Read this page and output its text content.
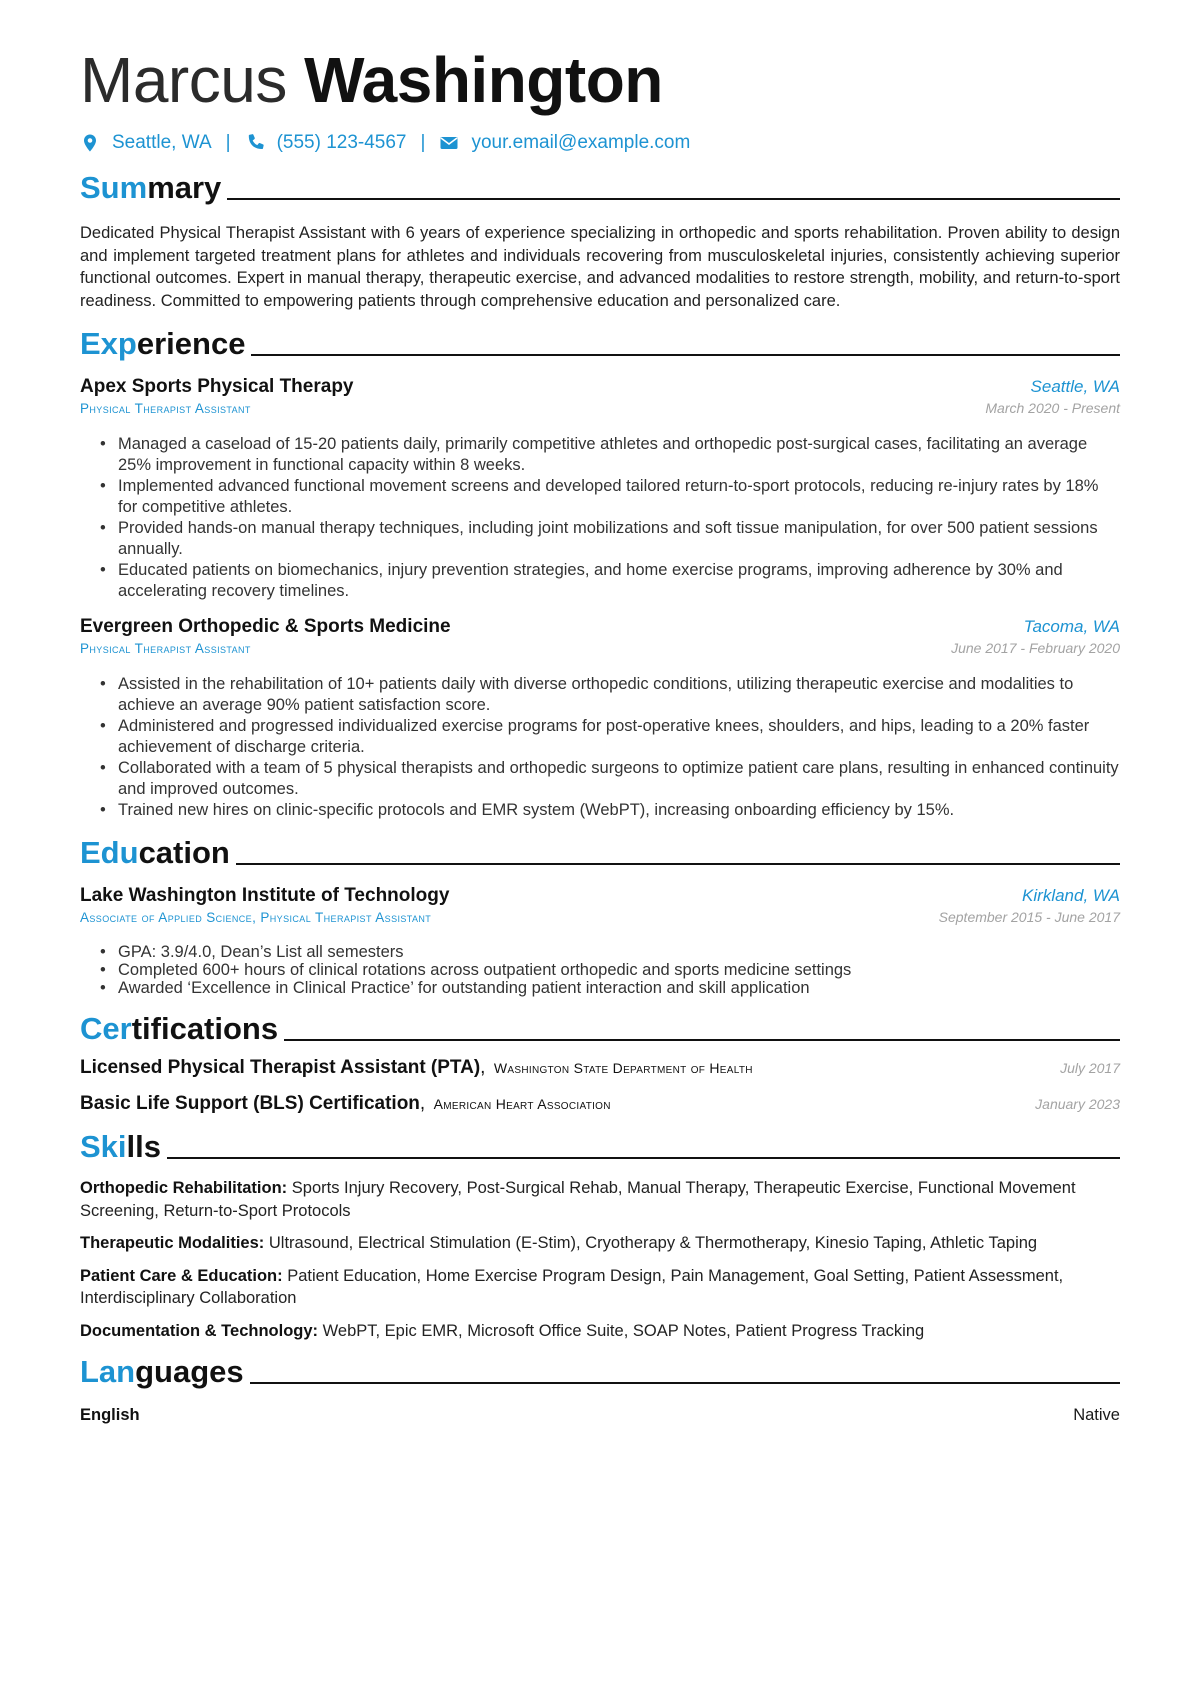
Marcus Washington
Seattle, WA | (555) 123-4567 | your.email@example.com
Summary
Dedicated Physical Therapist Assistant with 6 years of experience specializing in orthopedic and sports rehabilitation. Proven ability to design and implement targeted treatment plans for athletes and individuals recovering from musculoskeletal injuries, consistently achieving superior functional outcomes. Expert in manual therapy, therapeutic exercise, and advanced modalities to restore strength, mobility, and return-to-sport readiness. Committed to empowering patients through comprehensive education and personalized care.
Experience
Apex Sports Physical Therapy	Seattle, WA
Physical Therapist Assistant	March 2020 - Present
• Managed a caseload of 15-20 patients daily, primarily competitive athletes and orthopedic post-surgical cases, facilitating an average 25% improvement in functional capacity within 8 weeks.
• Implemented advanced functional movement screens and developed tailored return-to-sport protocols, reducing re-injury rates by 18% for competitive athletes.
• Provided hands-on manual therapy techniques, including joint mobilizations and soft tissue manipulation, for over 500 patient sessions annually.
• Educated patients on biomechanics, injury prevention strategies, and home exercise programs, improving adherence by 30% and accelerating recovery timelines.
Evergreen Orthopedic & Sports Medicine	Tacoma, WA
Physical Therapist Assistant	June 2017 - February 2020
• Assisted in the rehabilitation of 10+ patients daily with diverse orthopedic conditions, utilizing therapeutic exercise and modalities to achieve an average 90% patient satisfaction score.
• Administered and progressed individualized exercise programs for post-operative knees, shoulders, and hips, leading to a 20% faster achievement of discharge criteria.
• Collaborated with a team of 5 physical therapists and orthopedic surgeons to optimize patient care plans, resulting in enhanced continuity and improved outcomes.
• Trained new hires on clinic-specific protocols and EMR system (WebPT), increasing onboarding efficiency by 15%.
Education
Lake Washington Institute of Technology	Kirkland, WA
Associate of Applied Science, Physical Therapist Assistant	September 2015 - June 2017
• GPA: 3.9/4.0, Dean’s List all semesters
• Completed 600+ hours of clinical rotations across outpatient orthopedic and sports medicine settings
• Awarded ‘Excellence in Clinical Practice’ for outstanding patient interaction and skill application
Certifications
Licensed Physical Therapist Assistant (PTA), Washington State Department of Health	July 2017
Basic Life Support (BLS) Certification, American Heart Association	January 2023
Skills
Orthopedic Rehabilitation: Sports Injury Recovery, Post-Surgical Rehab, Manual Therapy, Therapeutic Exercise, Functional Movement Screening, Return-to-Sport Protocols
Therapeutic Modalities: Ultrasound, Electrical Stimulation (E-Stim), Cryotherapy & Thermotherapy, Kinesio Taping, Athletic Taping
Patient Care & Education: Patient Education, Home Exercise Program Design, Pain Management, Goal Setting, Patient Assessment, Interdisciplinary Collaboration
Documentation & Technology: WebPT, Epic EMR, Microsoft Office Suite, SOAP Notes, Patient Progress Tracking
Languages
English	Native
